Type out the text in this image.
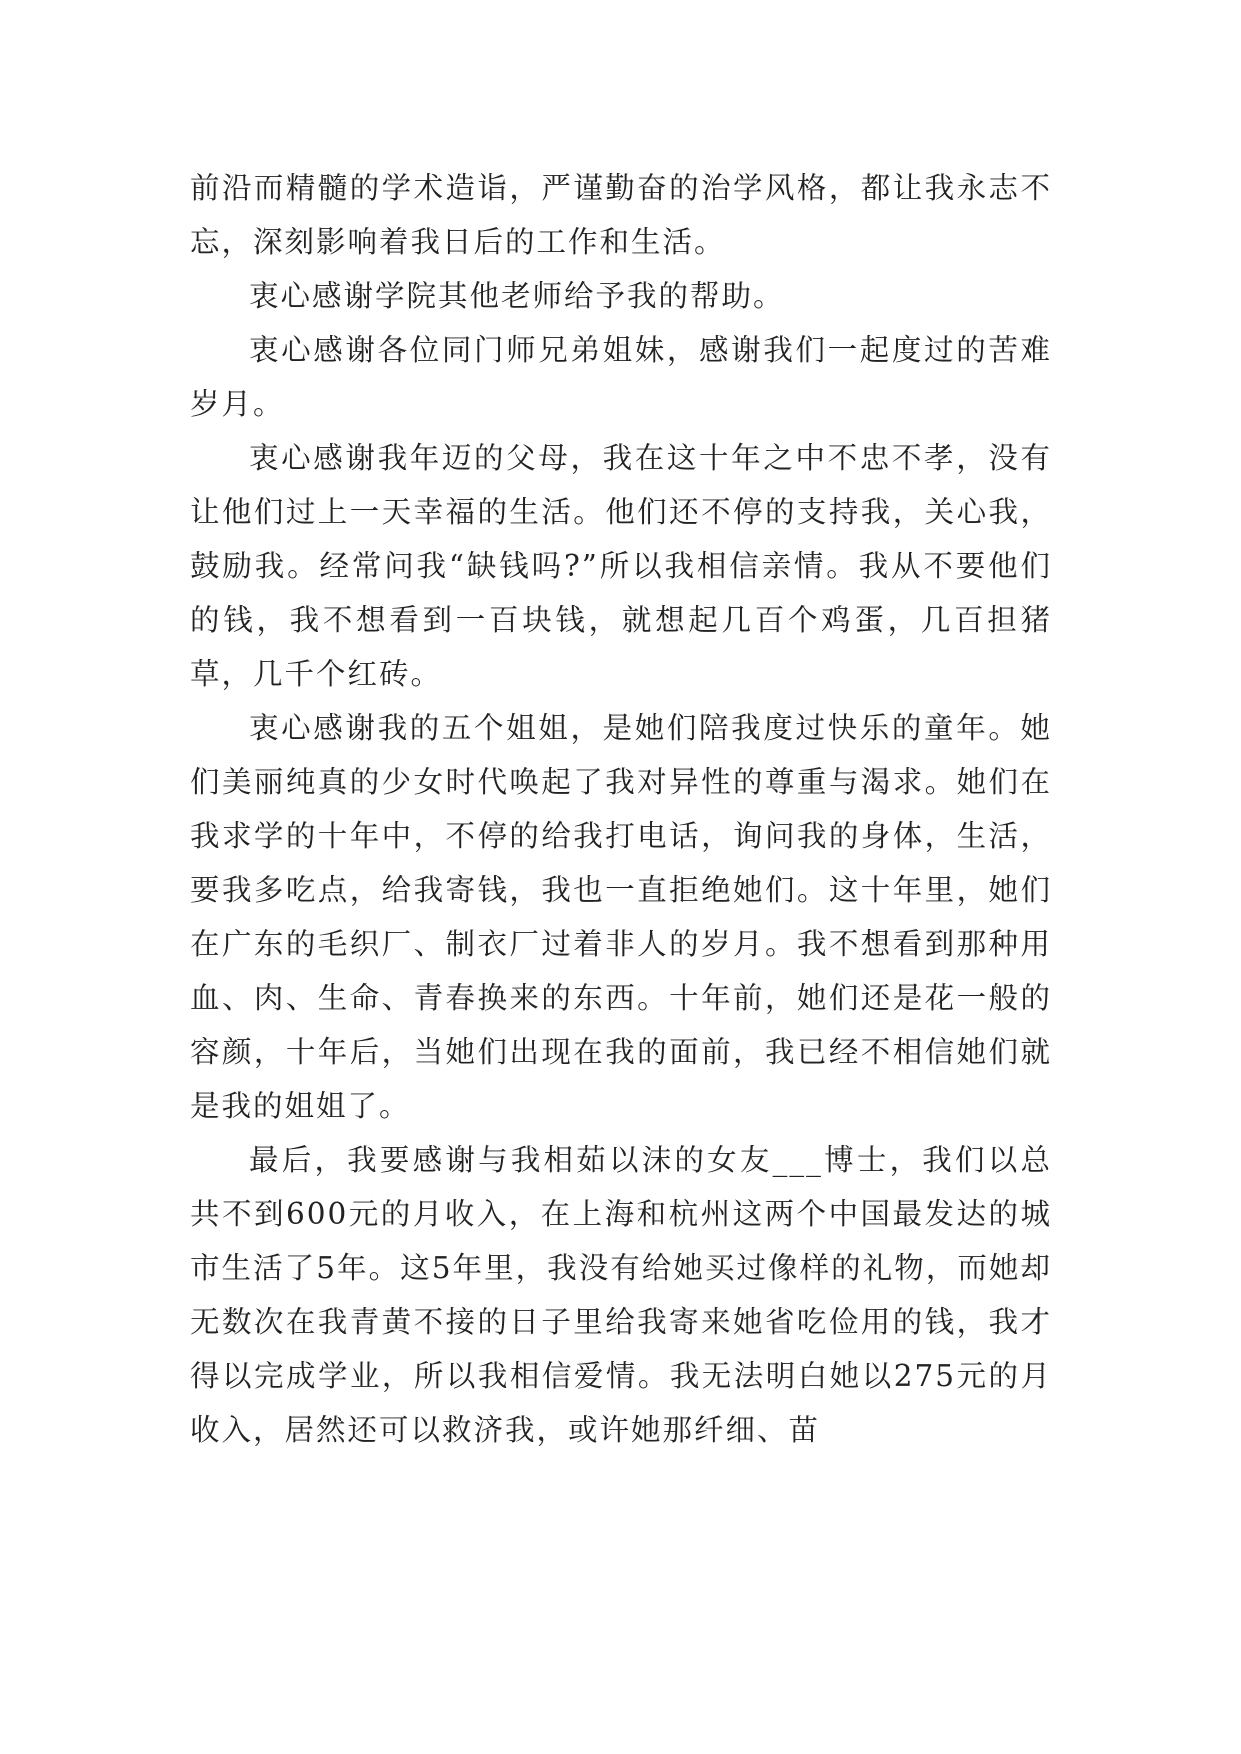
前沿而精髓的学术造诣，严谨勤奋的治学风格，都让我永志不忘，深刻影响着我日后的工作和生活。

衷心感谢学院其他老师给予我的帮助。

衷心感谢各位同门师兄弟姐妹，感谢我们一起度过的苦难岁月。

衷心感谢我年迈的父母，我在这十年之中不忠不孝，没有让他们过上一天幸福的生活。他们还不停的支持我，关心我，鼓励我。经常问我“缺钱吗?”所以我相信亲情。我从不要他们的钱，我不想看到一百块钱，就想起几百个鸡蛋，几百担猪草，几千个红砖。

衷心感谢我的五个姐姐，是她们陪我度过快乐的童年。她们美丽纯真的少女时代唤起了我对异性的尊重与渴求。她们在我求学的十年中，不停的给我打电话，询问我的身体，生活，要我多吃点，给我寄钱，我也一直拒绝她们。这十年里，她们在广东的毛织厂、制衣厂过着非人的岁月。我不想看到那种用血、肉、生命、青春换来的东西。十年前，她们还是花一般的容颜，十年后，当她们出现在我的面前，我已经不相信她们就是我的姐姐了。

最后，我要感谢与我相茹以沫的女友___博士，我们以总共不到600元的月收入，在上海和杭州这两个中国最发达的城市生活了5年。这5年里，我没有给她买过像样的礼物，而她却无数次在我青黄不接的日子里给我寄来她省吃俭用的钱，我才得以完成学业，所以我相信爱情。我无法明白她以275元的月收入，居然还可以救济我，或许她那纤细、苗
